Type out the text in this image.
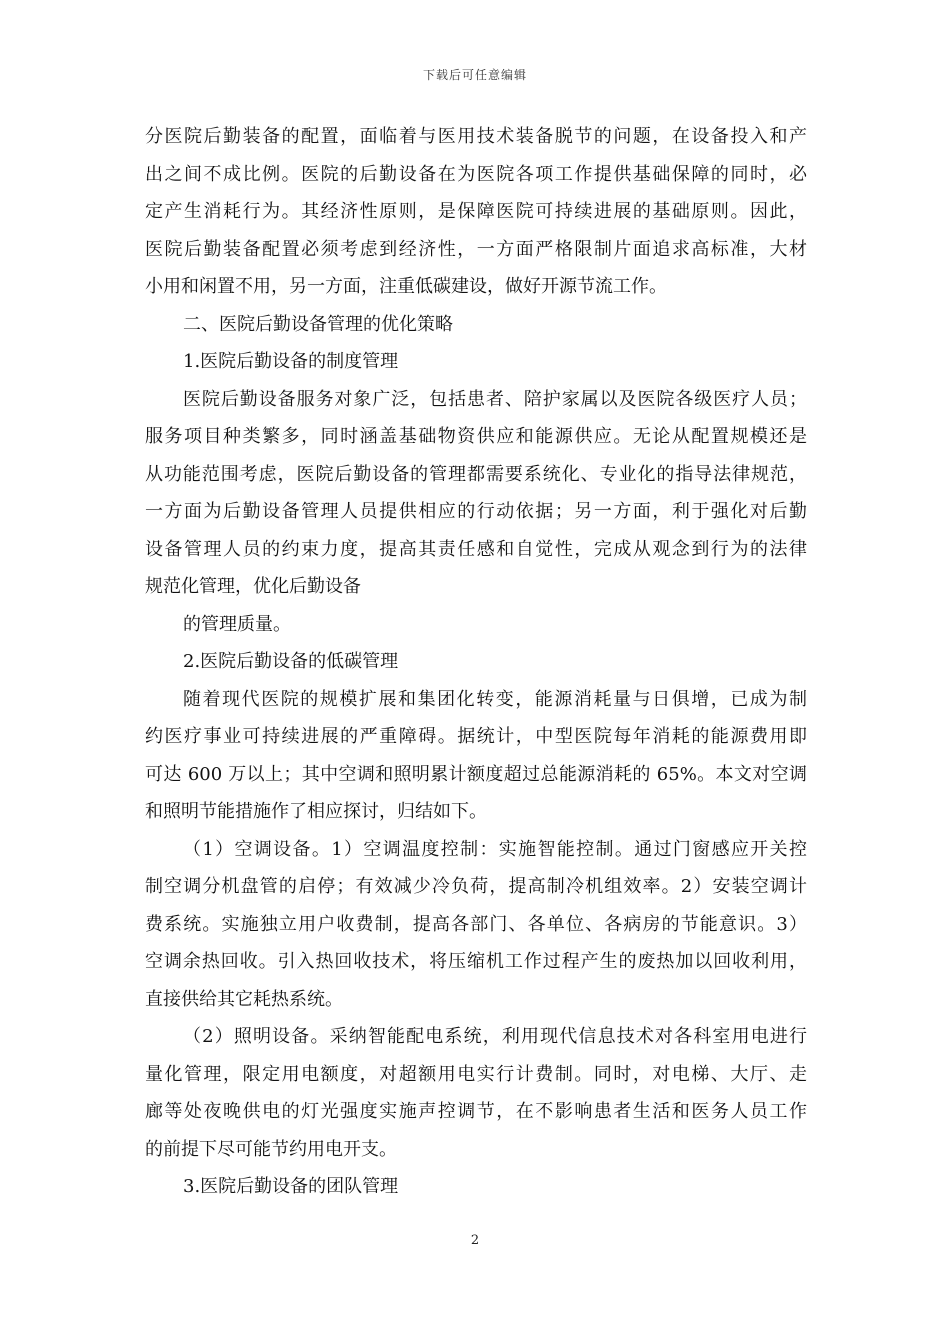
下载后可任意编辑
分医院后勤装备的配置，面临着与医用技术装备脱节的问题，在设备投入和产
出之间不成比例。医院的后勤设备在为医院各项工作提供基础保障的同时，必
定产生消耗行为。其经济性原则，是保障医院可持续进展的基础原则。因此，
医院后勤装备配置必须考虑到经济性，一方面严格限制片面追求高标准，大材
小用和闲置不用，另一方面，注重低碳建设，做好开源节流工作。
二、医院后勤设备管理的优化策略
1.医院后勤设备的制度管理
医院后勤设备服务对象广泛，包括患者、陪护家属以及医院各级医疗人员；
服务项目种类繁多，同时涵盖基础物资供应和能源供应。无论从配置规模还是
从功能范围考虑，医院后勤设备的管理都需要系统化、专业化的指导法律规范，
一方面为后勤设备管理人员提供相应的行动依据；另一方面，利于强化对后勤
设备管理人员的约束力度，提高其责任感和自觉性，完成从观念到行为的法律
规范化管理，优化后勤设备
的管理质量。
2.医院后勤设备的低碳管理
随着现代医院的规模扩展和集团化转变，能源消耗量与日俱增，已成为制
约医疗事业可持续进展的严重障碍。据统计，中型医院每年消耗的能源费用即
可达 600 万以上；其中空调和照明累计额度超过总能源消耗的 65%。本文对空调
和照明节能措施作了相应探讨，归结如下。
（1）空调设备。1）空调温度控制：实施智能控制。通过门窗感应开关控
制空调分机盘管的启停；有效减少冷负荷，提高制冷机组效率。2）安装空调计
费系统。实施独立用户收费制，提高各部门、各单位、各病房的节能意识。3）
空调余热回收。引入热回收技术，将压缩机工作过程产生的废热加以回收利用，
直接供给其它耗热系统。
（2）照明设备。采纳智能配电系统，利用现代信息技术对各科室用电进行
量化管理，限定用电额度，对超额用电实行计费制。同时，对电梯、大厅、走
廊等处夜晚供电的灯光强度实施声控调节，在不影响患者生活和医务人员工作
的前提下尽可能节约用电开支。
3.医院后勤设备的团队管理
2
